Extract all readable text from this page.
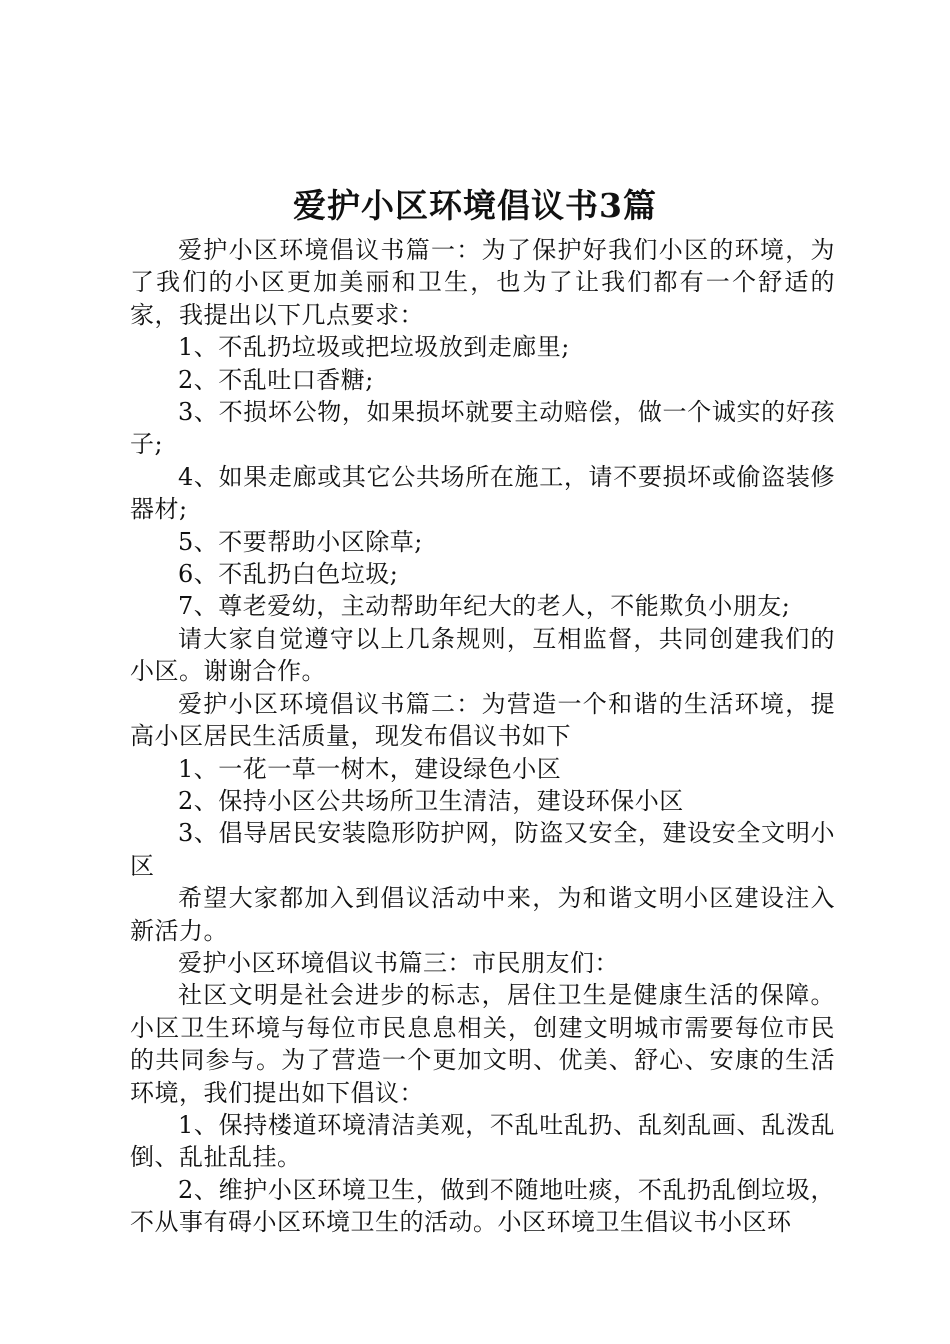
爱护小区环境倡议书3篇

爱护小区环境倡议书篇一：为了保护好我们小区的环境，为了我们的小区更加美丽和卫生，也为了让我们都有一个舒适的家，我提出以下几点要求：

1、不乱扔垃圾或把垃圾放到走廊里;

2、不乱吐口香糖;

3、不损坏公物，如果损坏就要主动赔偿，做一个诚实的好孩子;

4、如果走廊或其它公共场所在施工，请不要损坏或偷盗装修器材;

5、不要帮助小区除草;

6、不乱扔白色垃圾;

7、尊老爱幼，主动帮助年纪大的老人，不能欺负小朋友;

请大家自觉遵守以上几条规则，互相监督，共同创建我们的小区。谢谢合作。

爱护小区环境倡议书篇二：为营造一个和谐的生活环境，提高小区居民生活质量，现发布倡议书如下

1、一花一草一树木，建设绿色小区

2、保持小区公共场所卫生清洁，建设环保小区

3、倡导居民安装隐形防护网，防盗又安全，建设安全文明小区

希望大家都加入到倡议活动中来，为和谐文明小区建设注入新活力。

爱护小区环境倡议书篇三：市民朋友们：

社区文明是社会进步的标志，居住卫生是健康生活的保障。小区卫生环境与每位市民息息相关，创建文明城市需要每位市民的共同参与。为了营造一个更加文明、优美、舒心、安康的生活环境，我们提出如下倡议：

1、保持楼道环境清洁美观，不乱吐乱扔、乱刻乱画、乱泼乱倒、乱扯乱挂。

2、维护小区环境卫生，做到不随地吐痰，不乱扔乱倒垃圾，不从事有碍小区环境卫生的活动。小区环境卫生倡议书小区环
